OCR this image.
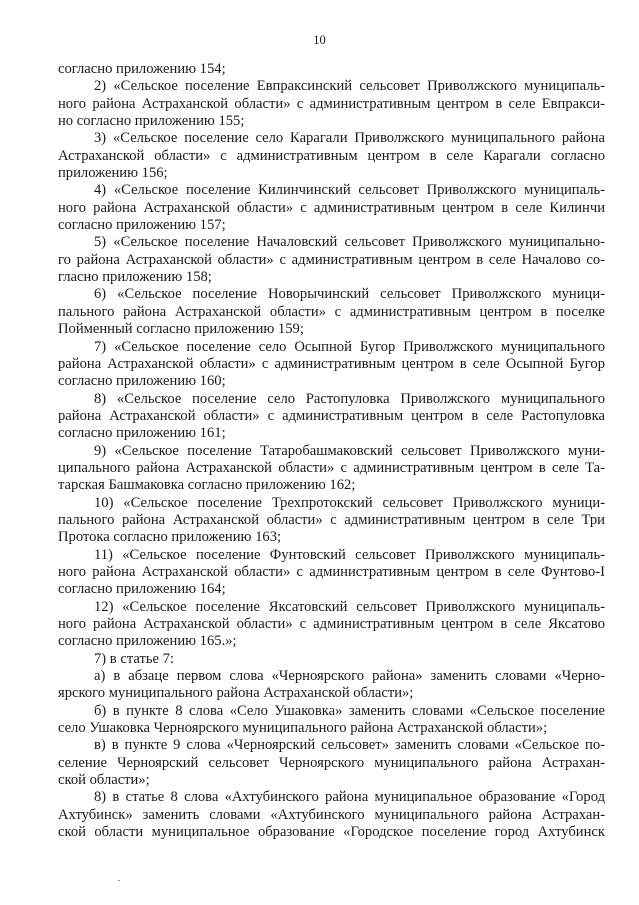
10
согласно приложению 154;
2) «Сельское поселение Евпраксинский сельсовет Приволжского муниципаль-
ного района Астраханской области» с административным центром в селе Евпракси-
но согласно приложению 155;
3) «Сельское поселение село Карагали Приволжского муниципального района
Астраханской области» с административным центром в селе Карагали согласно
приложению 156;
4) «Сельское поселение Килинчинский сельсовет Приволжского муниципаль-
ного района Астраханской области» с административным центром в селе Килинчи
согласно приложению 157;
5) «Сельское поселение Началовский сельсовет Приволжского муниципально-
го района Астраханской области» с административным центром в селе Началово со-
гласно приложению 158;
6) «Сельское поселение Новорычинский сельсовет Приволжского муници-
пального района Астраханской области» с административным центром в поселке
Пойменный согласно приложению 159;
7) «Сельское поселение село Осыпной Бугор Приволжского муниципального
района Астраханской области» с административным центром в селе Осыпной Бугор
согласно приложению 160;
8) «Сельское поселение село Растопуловка Приволжского муниципального
района Астраханской области» с административным центром в селе Растопуловка
согласно приложению 161;
9) «Сельское поселение Татаробашмаковский сельсовет Приволжского муни-
ципального района Астраханской области» с административным центром в селе Та-
тарская Башмаковка согласно приложению 162;
10) «Сельское поселение Трехпротокский сельсовет Приволжского муници-
пального района Астраханской области» с административным центром в селе Три
Протока согласно приложению 163;
11) «Сельское поселение Фунтовский сельсовет Приволжского муниципаль-
ного района Астраханской области» с административным центром в селе Фунтово-I
согласно приложению 164;
12) «Сельское поселение Яксатовский сельсовет Приволжского муниципаль-
ного района Астраханской области» с административным центром в селе Яксатово
согласно приложению 165.»;
7) в статье 7:
а) в абзаце первом слова «Черноярского района» заменить словами «Черно-
ярского муниципального района Астраханской области»;
б) в пункте 8 слова «Село Ушаковка» заменить словами «Сельское поселение
село Ушаковка Черноярского муниципального района Астраханской области»;
в) в пункте 9 слова «Черноярский сельсовет» заменить словами «Сельское по-
селение Черноярский сельсовет Черноярского муниципального района Астрахан-
ской области»;
8) в статье 8 слова «Ахтубинского района муниципальное образование «Город
Ахтубинск» заменить словами «Ахтубинского муниципального района Астрахан-
ской области муниципальное образование «Городское поселение город Ахтубинск
